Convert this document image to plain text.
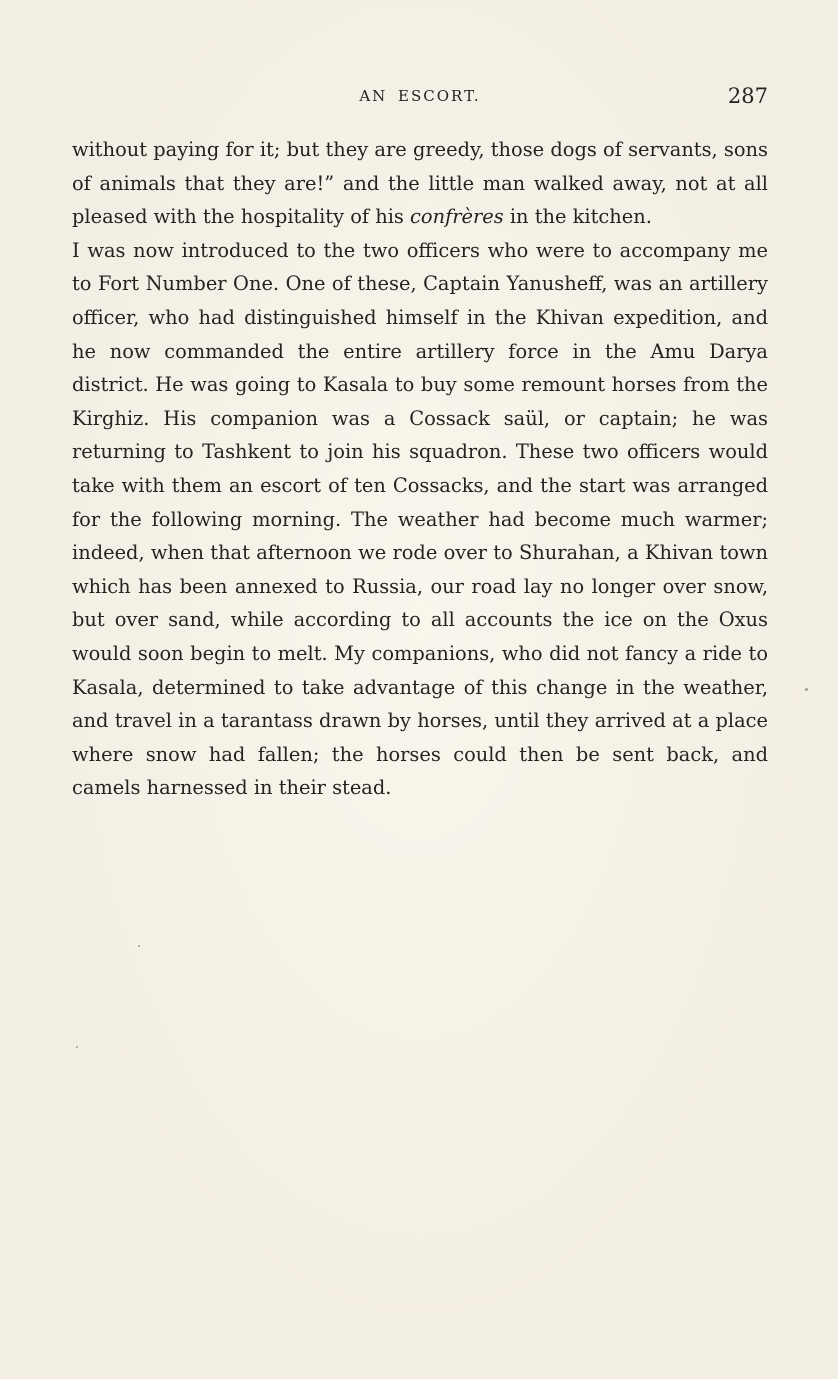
AN ESCORT.	287

without paying for it; but they are greedy, those dogs of servants, sons of animals that they are!” and the little man walked away, not at all pleased with the hospitality of his confrères in the kitchen.

I was now introduced to the two officers who were to accompany me to Fort Number One. One of these, Captain Yanusheff, was an artillery officer, who had distinguished himself in the Khivan expedition, and he now commanded the entire artillery force in the Amu Darya district. He was going to Kasala to buy some remount horses from the Kirghiz. His companion was a Cossack saül, or captain; he was returning to Tashkent to join his squadron. These two officers would take with them an escort of ten Cossacks, and the start was arranged for the following morning. The weather had become much warmer; indeed, when that afternoon we rode over to Shurahan, a Khivan town which has been annexed to Russia, our road lay no longer over snow, but over sand, while according to all accounts the ice on the Oxus would soon begin to melt. My companions, who did not fancy a ride to Kasala, determined to take advantage of this change in the weather, and travel in a tarantass drawn by horses, until they arrived at a place where snow had fallen; the horses could then be sent back, and camels harnessed in their stead.
